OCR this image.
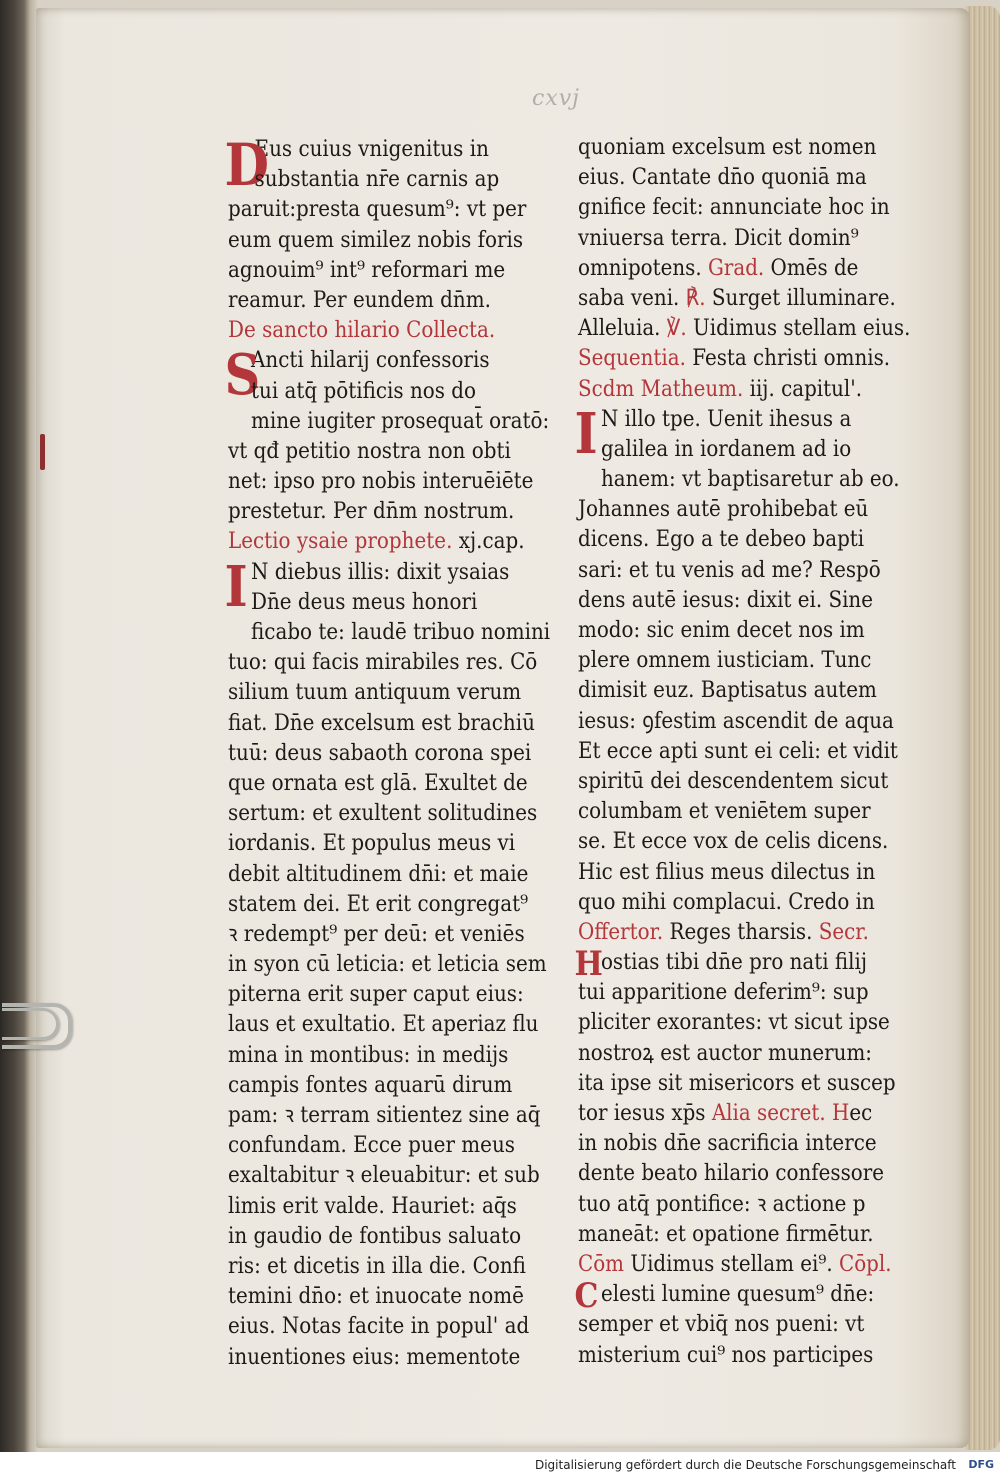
cxvj
D
Eus cuius vnigenitus in
substantia nr̄e carnis ap
paruit:presta quesum⁹: vt per
eum quem similez nobis foris
agnouim⁹ int⁹ reformari me
reamur. Per eundem dn̄m.
De sancto hilario Collecta.
S
Ancti hilarij confessoris
tui atq̄ pōtificis nos do
mine iugiter prosequat̄ oratō:
vt qđ petitio nostra non obti
net: ipso pro nobis interuēiēte
prestetur. Per dn̄m nostrum.
Lectio ysaie prophete. xj.cap.
I N diebus illis: dixit ysaias
Dn̄e deus meus honori
ficabo te: laudē tribuo nomini
tuo: qui facis mirabiles res. Cō
silium tuum antiquum verum
fiat. Dn̄e excelsum est brachiū
tuū: deus sabaoth corona spei
que ornata est glā. Exultet de
sertum: et exultent solitudines
iordanis. Et populus meus vi
debit altitudinem dn̄i: et maie
statem dei. Et erit congregat⁹
ꝛ redempt⁹ per deū: et veniēs
in syon cū leticia: et leticia sem
piterna erit super caput eius:
laus et exultatio. Et aperiaz flu
mina in montibus: in medijs
campis fontes aquarū dirum
pam: ꝛ terram sitientez sine aq̄
confundam. Ecce puer meus
exaltabitur ꝛ eleuabitur: et sub
limis erit valde. Hauriet: aq̄s
in gaudio de fontibus saluato
ris: et dicetis in illa die. Confi
temini dn̄o: et inuocate nomē
eius. Notas facite in popul' ad
inuentiones eius: mementote
quoniam excelsum est nomen
eius. Cantate dn̄o quoniā ma
gnifice fecit: annunciate hoc in
vniuersa terra. Dicit domin⁹
omnipotens. Grad. Omēs de
saba veni. ℟. Surget illuminare.
Alleluia. ℣. Uidimus stellam eius.
Sequentia. Festa christi omnis.
Scdm Matheum. iij. capitul'.
I N illo tpe. Uenit ihesus a
galilea in iordanem ad io
hanem: vt baptisaretur ab eo.
Johannes autē prohibebat eū
dicens. Ego a te debeo bapti
sari: et tu venis ad me? Respō
dens autē iesus: dixit ei. Sine
modo: sic enim decet nos im
plere omnem iusticiam. Tunc
dimisit euz. Baptisatus autem
iesus: ꝯfestim ascendit de aqua
Et ecce apti sunt ei celi: et vidit
spiritū dei descendentem sicut
columbam et veniētem super
se. Et ecce vox de celis dicens.
Hic est filius meus dilectus in
quo mihi complacui. Credo in
Offertor. Reges tharsis. Secr.
H
ostias tibi dn̄e pro nati filij
tui apparitione deferim⁹: sup
pliciter exorantes: vt sicut ipse
nostroꝝ est auctor munerum:
ita ipse sit misericors et suscep
tor iesus xp̄s Alia secret. Hec
in nobis dn̄e sacrificia interce
dente beato hilario confessore
tuo atq̄ pontifice: ꝛ actione p
maneāt: et opatione firmētur.
Cōm Uidimus stellam ei⁹. Cōpl.
C elesti lumine quesum⁹ dn̄e:
semper et vbiq̄ nos pueni: vt
misterium cui⁹ nos participes
Digitalisierung gefördert durch die Deutsche Forschungsgemeinschaft DFG
